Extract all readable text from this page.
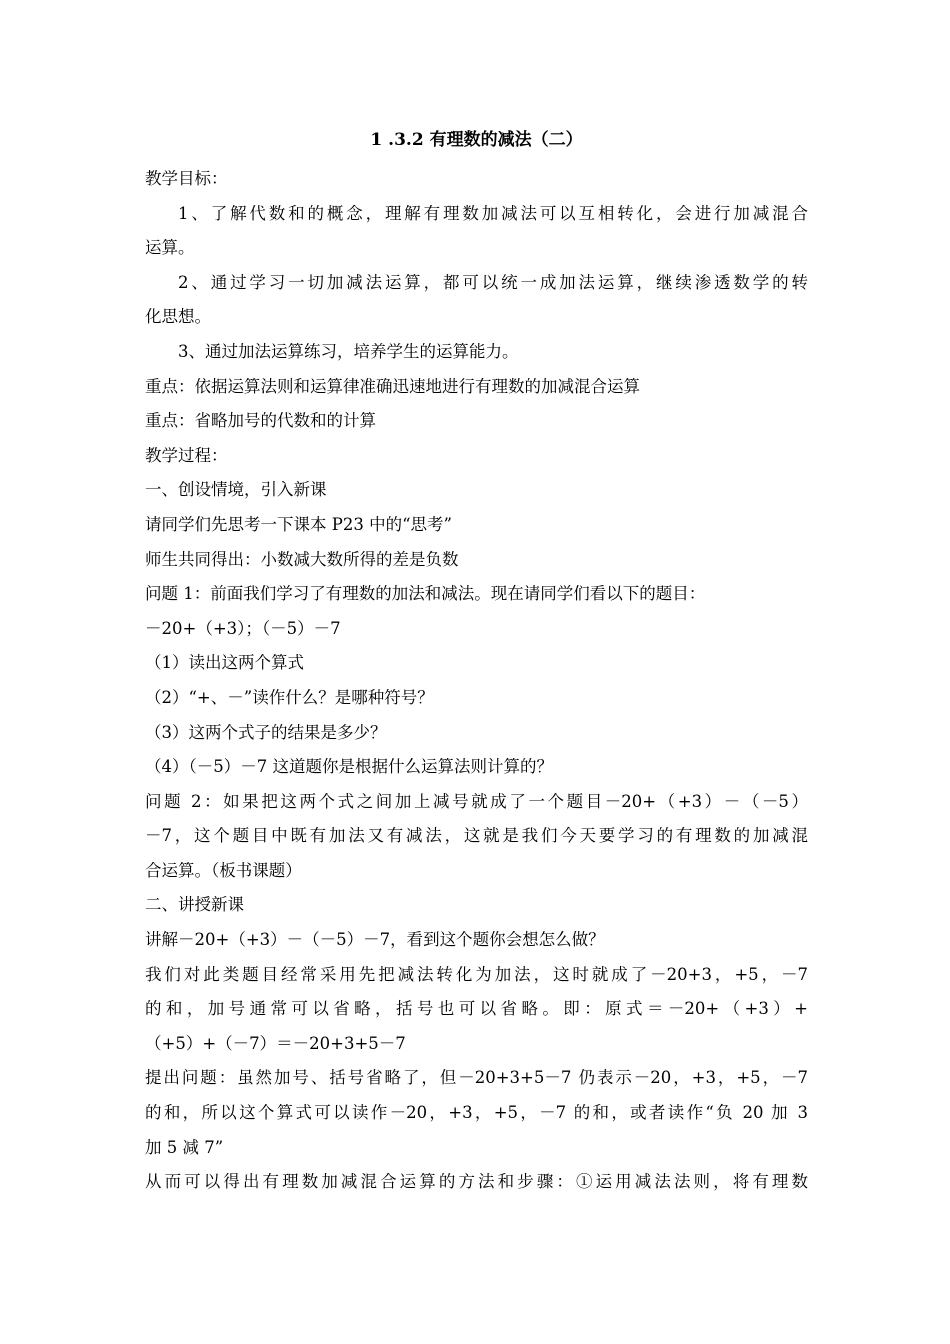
1 .3.2 有理数的减法（二）
教学目标：
1、了解代数和的概念，理解有理数加减法可以互相转化，会进行加减混合
运算。
2、通过学习一切加减法运算，都可以统一成加法运算，继续渗透数学的转
化思想。
3、通过加法运算练习，培养学生的运算能力。
重点：依据运算法则和运算律准确迅速地进行有理数的加减混合运算
重点：省略加号的代数和的计算
教学过程：
一、创设情境，引入新课
请同学们先思考一下课本 P23 中的“思考”
师生共同得出：小数减大数所得的差是负数
问题 1：前面我们学习了有理数的加法和减法。现在请同学们看以下的题目：
－20+（+3）；（－5）－7
（1）读出这两个算式
（2）“+、－”读作什么？是哪种符号？
（3）这两个式子的结果是多少？
（4）（－5）－7 这道题你是根据什么运算法则计算的？
问题 2：如果把这两个式之间加上减号就成了一个题目－20+（+3）－（－5）
－7，这个题目中既有加法又有减法，这就是我们今天要学习的有理数的加减混
合运算。（板书课题）
二、讲授新课
讲解－20+（+3）－（－5）－7，看到这个题你会想怎么做？
我们对此类题目经常采用先把减法转化为加法，这时就成了－20+3，+5，－7
的和，加号通常可以省略，括号也可以省略。即：原式＝－20+（+3）+
（+5）+（－7）＝－20+3+5－7
提出问题：虽然加号、括号省略了，但－20+3+5－7 仍表示－20，+3，+5，－7
的和，所以这个算式可以读作－20，+3，+5，－7 的和，或者读作“负 20 加 3
加 5 减 7”
从而可以得出有理数加减混合运算的方法和步骤：①运用减法法则，将有理数
